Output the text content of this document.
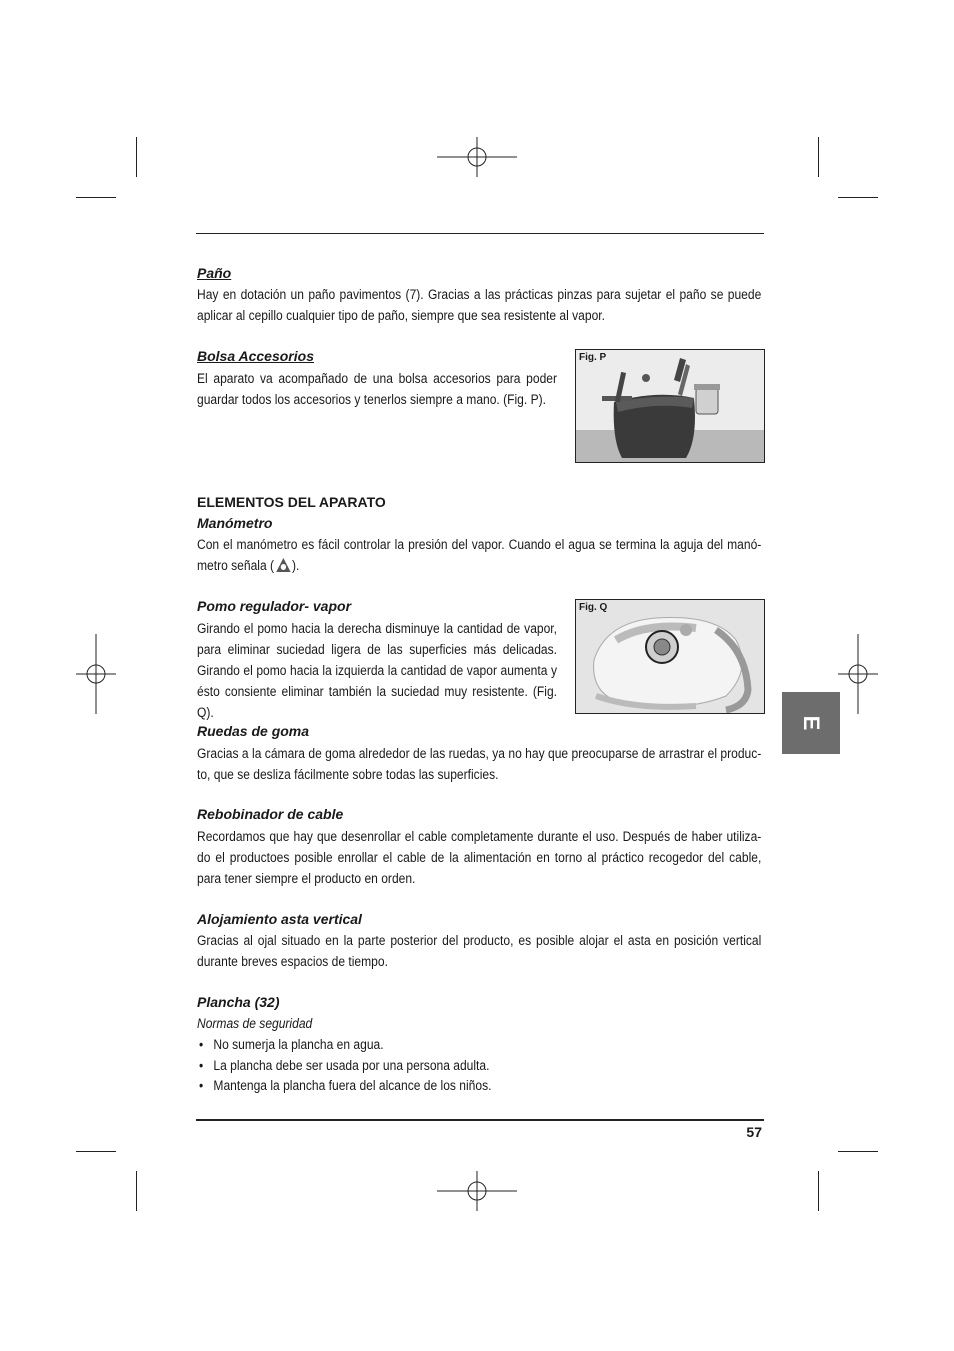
Paño
Hay en dotación un paño pavimentos (7). Gracias a las prácticas pinzas para sujetar el paño se puede aplicar al cepillo cualquier tipo de paño, siempre que sea resistente al vapor.
Bolsa Accesorios
El aparato va acompañado de una bolsa accesorios para poder guardar todos los accesorios y tenerlos siempre a mano. (Fig. P).
Fig. P
ELEMENTOS DEL APARATO
Manómetro
Con el manómetro es fácil controlar la presión del vapor. Cuando el agua se termina la aguja del manó-metro señala ( ).
Pomo regulador- vapor
Girando el pomo hacia la derecha disminuye la cantidad de vapor, para eliminar suciedad ligera de las superficies más delicadas. Girando el pomo hacia la izquierda la cantidad de vapor aumenta y ésto consiente eliminar también la suciedad muy resistente. (Fig. Q).
Fig. Q
Ruedas de goma
Gracias a la cámara de goma alrededor de las ruedas, ya no hay que preocuparse de arrastrar el produc-to, que se desliza fácilmente sobre todas las superficies.
Rebobinador de cable
Recordamos que hay que desenrollar el cable completamente durante el uso. Después de haber utiliza-do el productoes posible enrollar el cable de la alimentación en torno al práctico recogedor del cable, para tener siempre el producto en orden.
Alojamiento asta vertical
Gracias al ojal situado en la parte posterior del producto, es posible alojar el asta en posición vertical durante breves espacios de tiempo.
Plancha (32)
Normas de seguridad
• No sumerja la plancha en agua.
• La plancha debe ser usada por una persona adulta.
• Mantenga la plancha fuera del alcance de los niños.
57
E
